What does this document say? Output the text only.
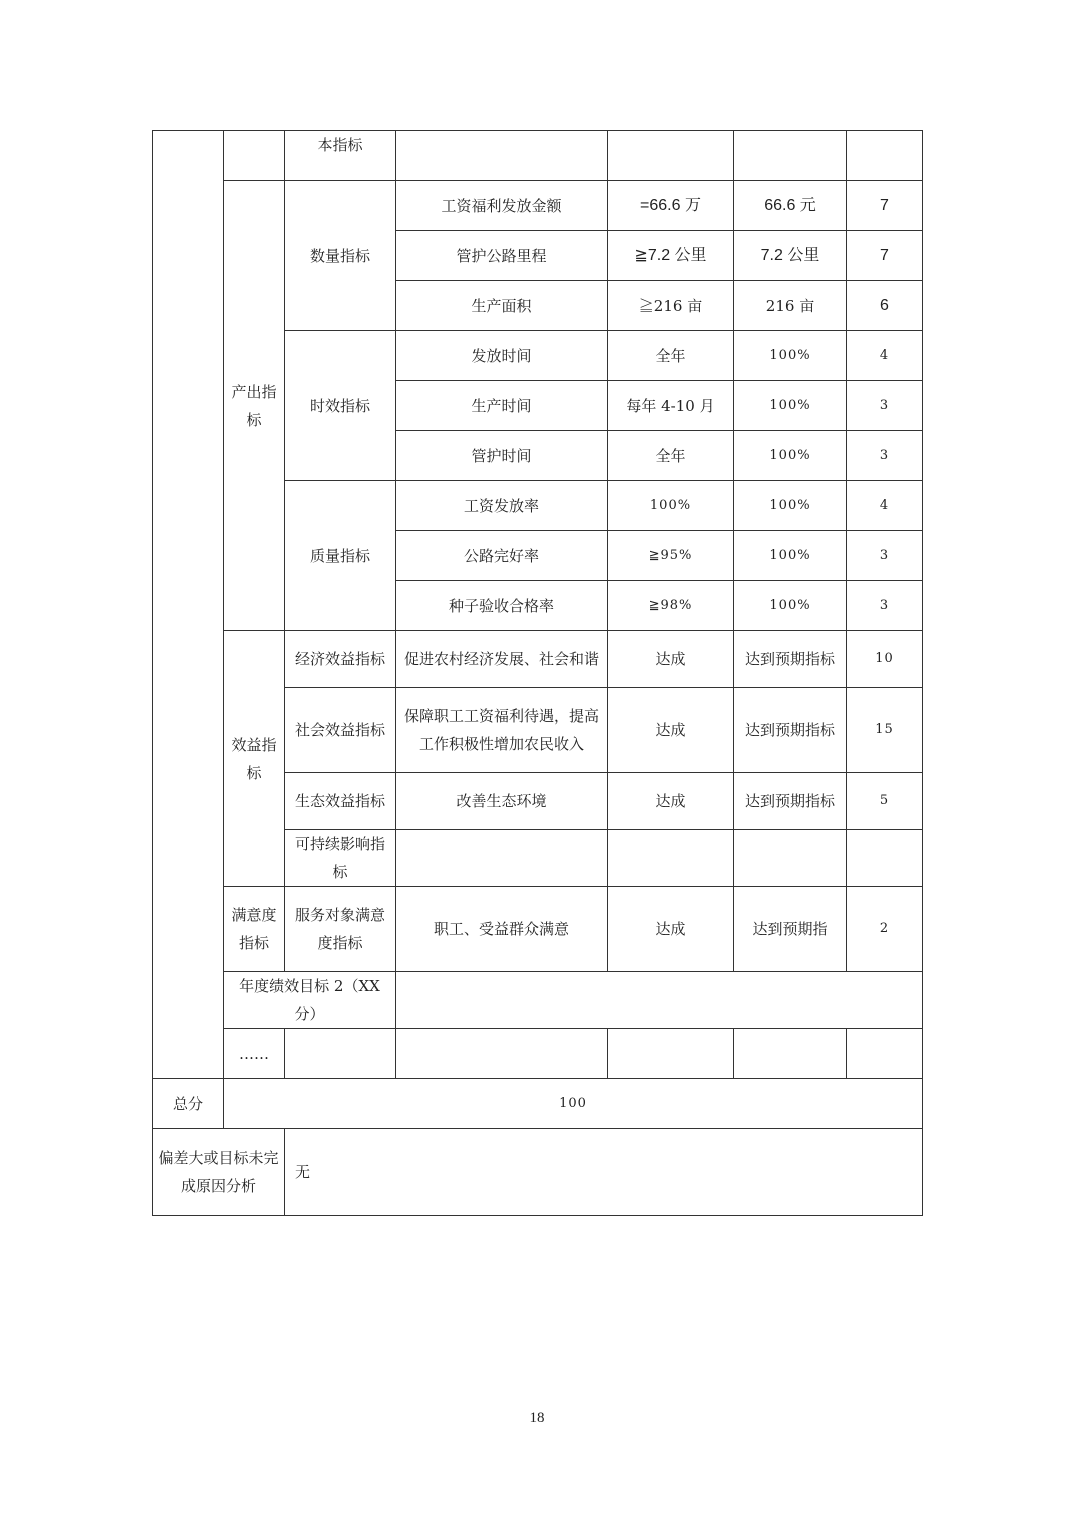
		本指标					
	产出指标	数量指标	工资福利发放金额	=66.6 万	66.6 元	7	
			管护公路里程	≧7.2 公里	7.2 公里	7	
			生产面积	≧216 亩	216 亩	6	
		时效指标	发放时间	全年	100%	4	
			生产时间	每年 4-10 月	100%	3	
			管护时间	全年	100%	3	
		质量指标	工资发放率	100%	100%	4	
			公路完好率	≧95%	100%	3	
			种子验收合格率	≧98%	100%	3	
	效益指标	经济效益指标	促进农村经济发展、社会和谐	达成	达到预期指标	10	
		社会效益指标	保障职工工资福利待遇，提高工作积极性增加农民收入	达成	达到预期指标	15	
		生态效益指标	改善生态环境	达成	达到预期指标	5	
		可持续影响指标					
	满意度指标	服务对象满意度指标	职工、受益群众满意	达成	达到预期指	2	
	年度绩效目标 2（XX 分）						
	……						
总分	100						
偏差大或目标未完成原因分析		无					
18
